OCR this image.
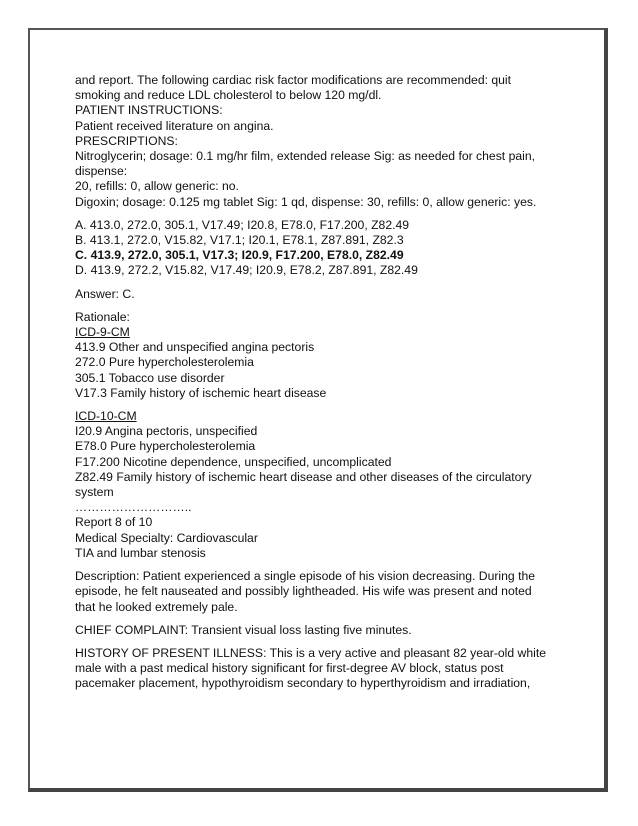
and report. The following cardiac risk factor modifications are recommended: quit
smoking and reduce LDL cholesterol to below 120 mg/dl.
PATIENT INSTRUCTIONS:
Patient received literature on angina.
PRESCRIPTIONS:
Nitroglycerin; dosage: 0.1 mg/hr film, extended release Sig: as needed for chest pain,
dispense:
20, refills: 0, allow generic: no.
Digoxin; dosage: 0.125 mg tablet Sig: 1 qd, dispense: 30, refills: 0, allow generic: yes.
A. 413.0, 272.0, 305.1, V17.49; I20.8, E78.0, F17.200, Z82.49
B. 413.1, 272.0, V15.82, V17.1; I20.1, E78.1, Z87.891, Z82.3
C. 413.9, 272.0, 305.1, V17.3; I20.9, F17.200, E78.0, Z82.49
D. 413.9, 272.2, V15.82, V17.49; I20.9, E78.2, Z87.891, Z82.49
Answer: C.
Rationale:
ICD-9-CM
413.9 Other and unspecified angina pectoris
272.0 Pure hypercholesterolemia
305.1 Tobacco use disorder
V17.3 Family history of ischemic heart disease
ICD-10-CM
I20.9 Angina pectoris, unspecified
E78.0 Pure hypercholesterolemia
F17.200 Nicotine dependence, unspecified, uncomplicated
Z82.49 Family history of ischemic heart disease and other diseases of the circulatory
system
………………………..
Report 8 of 10
Medical Specialty: Cardiovascular
TIA and lumbar stenosis
Description: Patient experienced a single episode of his vision decreasing. During the
episode, he felt nauseated and possibly lightheaded. His wife was present and noted
that he looked extremely pale.
CHIEF COMPLAINT: Transient visual loss lasting five minutes.
HISTORY OF PRESENT ILLNESS: This is a very active and pleasant 82 year-old white
male with a past medical history significant for first-degree AV block, status post
pacemaker placement, hypothyroidism secondary to hyperthyroidism and irradiation,
